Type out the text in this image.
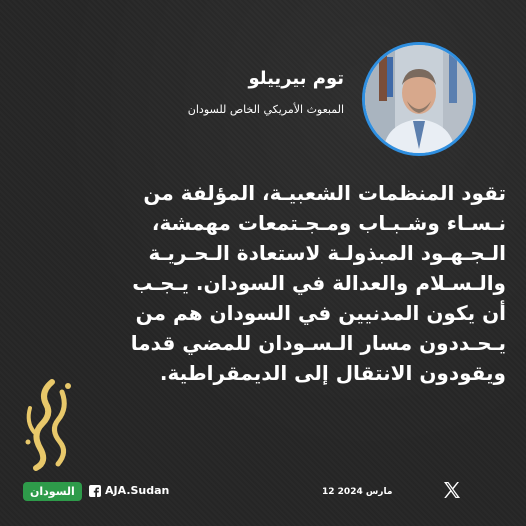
توم بيرييلو
المبعوث الأمريكي الخاص للسودان
تقود المنظمات الشعبيـة، المؤلفة من
نـسـاء وشـبـاب ومـجـتمعات مهمشة،
الـجـهـود المبذولـة لاستعادة الـحـريـة
والـسـلام والعدالة في السودان. يـجـب
أن يكون المدنيين في السودان هم من
يـحـددون مسار الـسـودان للمضي قدما
ويقودون الانتقال إلى الديمقراطية.
السودان	AJA.Sudan	12 مارس 2024
